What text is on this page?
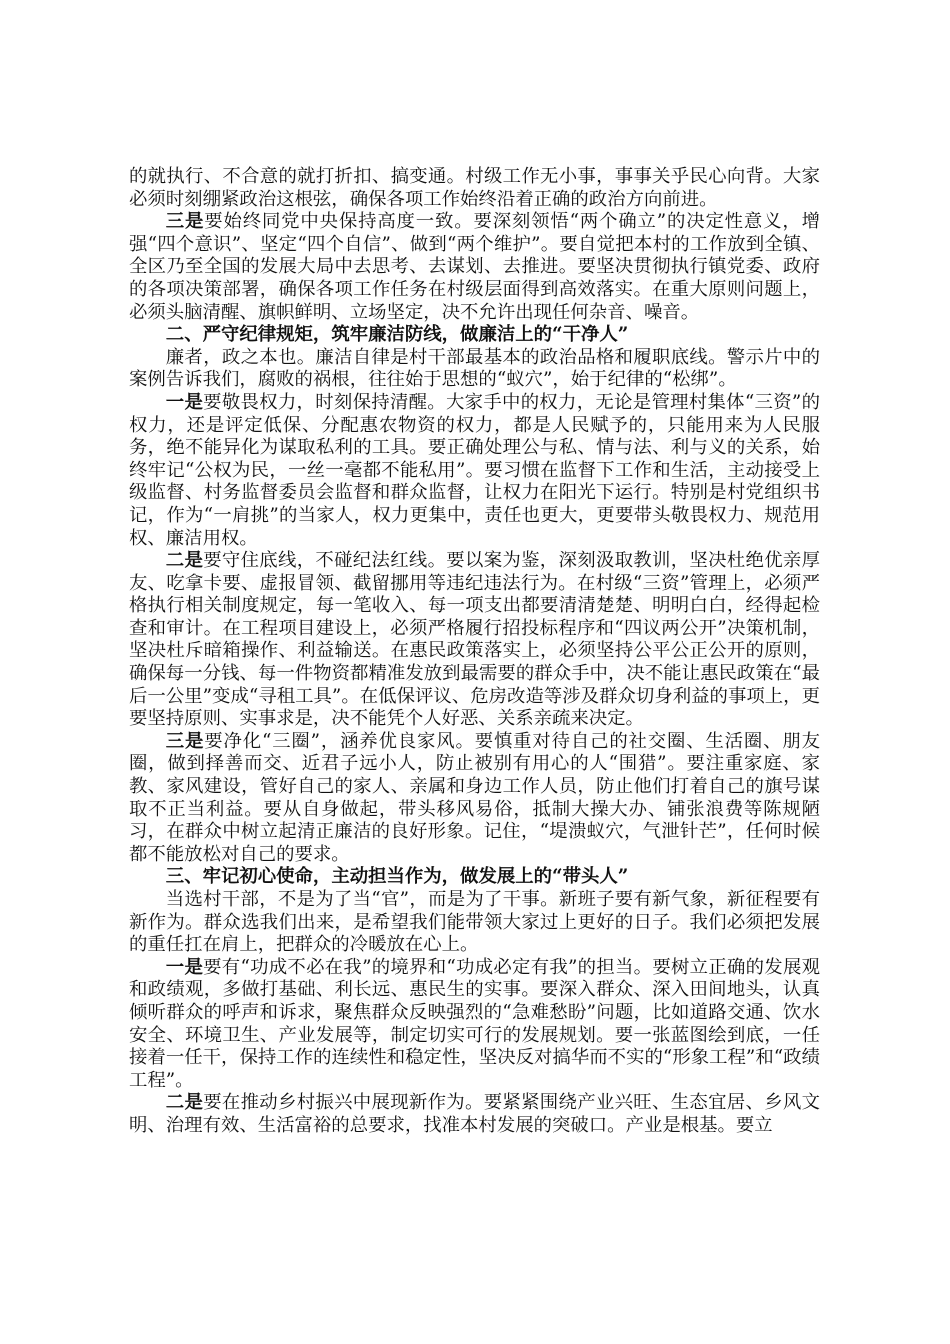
的就执行、不合意的就打折扣、搞变通。村级工作无小事，事事关乎民心向背。大家必须时刻绷紧政治这根弦，确保各项工作始终沿着正确的政治方向前进。

三是要始终同党中央保持高度一致。要深刻领悟“两个确立”的决定性意义，增强“四个意识”、坚定“四个自信”、做到“两个维护”。要自觉把本村的工作放到全镇、全区乃至全国的发展大局中去思考、去谋划、去推进。要坚决贯彻执行镇党委、政府的各项决策部署，确保各项工作任务在村级层面得到高效落实。在重大原则问题上，必须头脑清醒、旗帜鲜明、立场坚定，决不允许出现任何杂音、噪音。

二、严守纪律规矩，筑牢廉洁防线，做廉洁上的“干净人”

廉者，政之本也。廉洁自律是村干部最基本的政治品格和履职底线。警示片中的案例告诉我们，腐败的祸根，往往始于思想的“蚁穴”，始于纪律的“松绑”。

一是要敬畏权力，时刻保持清醒。大家手中的权力，无论是管理村集体“三资”的权力，还是评定低保、分配惠农物资的权力，都是人民赋予的，只能用来为人民服务，绝不能异化为谋取私利的工具。要正确处理公与私、情与法、利与义的关系，始终牢记“公权为民，一丝一毫都不能私用”。要习惯在监督下工作和生活，主动接受上级监督、村务监督委员会监督和群众监督，让权力在阳光下运行。特别是村党组织书记，作为“一肩挑”的当家人，权力更集中，责任也更大，更要带头敬畏权力、规范用权、廉洁用权。

二是要守住底线，不碰纪法红线。要以案为鉴，深刻汲取教训，坚决杜绝优亲厚友、吃拿卡要、虚报冒领、截留挪用等违纪违法行为。在村级“三资”管理上，必须严格执行相关制度规定，每一笔收入、每一项支出都要清清楚楚、明明白白，经得起检查和审计。在工程项目建设上，必须严格履行招投标程序和“四议两公开”决策机制，坚决杜斥暗箱操作、利益输送。在惠民政策落实上，必须坚持公平公正公开的原则，确保每一分钱、每一件物资都精准发放到最需要的群众手中，决不能让惠民政策在“最后一公里”变成“寻租工具”。在低保评议、危房改造等涉及群众切身利益的事项上，更要坚持原则、实事求是，决不能凭个人好恶、关系亲疏来决定。

三是要净化“三圈”，涵养优良家风。要慎重对待自己的社交圈、生活圈、朋友圈，做到择善而交、近君子远小人，防止被别有用心的人“围猎”。要注重家庭、家教、家风建设，管好自己的家人、亲属和身边工作人员，防止他们打着自己的旗号谋取不正当利益。要从自身做起，带头移风易俗，抵制大操大办、铺张浪费等陈规陋习，在群众中树立起清正廉洁的良好形象。记住，“堤溃蚁穴，气泄针芒”，任何时候都不能放松对自己的要求。

三、牢记初心使命，主动担当作为，做发展上的“带头人”

当选村干部，不是为了当“官”，而是为了干事。新班子要有新气象，新征程要有新作为。群众选我们出来，是希望我们能带领大家过上更好的日子。我们必须把发展的重任扛在肩上，把群众的冷暖放在心上。

一是要有“功成不必在我”的境界和“功成必定有我”的担当。要树立正确的发展观和政绩观，多做打基础、利长远、惠民生的实事。要深入群众、深入田间地头，认真倾听群众的呼声和诉求，聚焦群众反映强烈的“急难愁盼”问题，比如道路交通、饮水安全、环境卫生、产业发展等，制定切实可行的发展规划。要一张蓝图绘到底，一任接着一任干，保持工作的连续性和稳定性，坚决反对搞华而不实的“形象工程”和“政绩工程”。

二是要在推动乡村振兴中展现新作为。要紧紧围绕产业兴旺、生态宜居、乡风文明、治理有效、生活富裕的总要求，找准本村发展的突破口。产业是根基。要立
